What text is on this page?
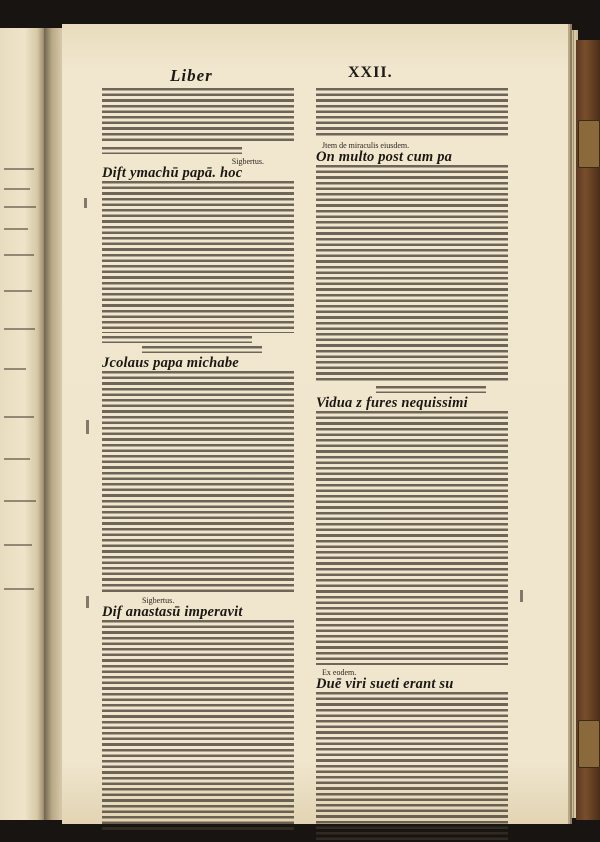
Liber	XXII.
Sigbertus.
Dift ymachū papā. hoc
Jcolaus papa michabe
Sigbertus.
Dif anastasū imperavit
Jtem de miraculis eiusdem.
On multo post cum pa
Vidua z fures nequissimi
Ex eodem.
Duē viri sueti erant su
